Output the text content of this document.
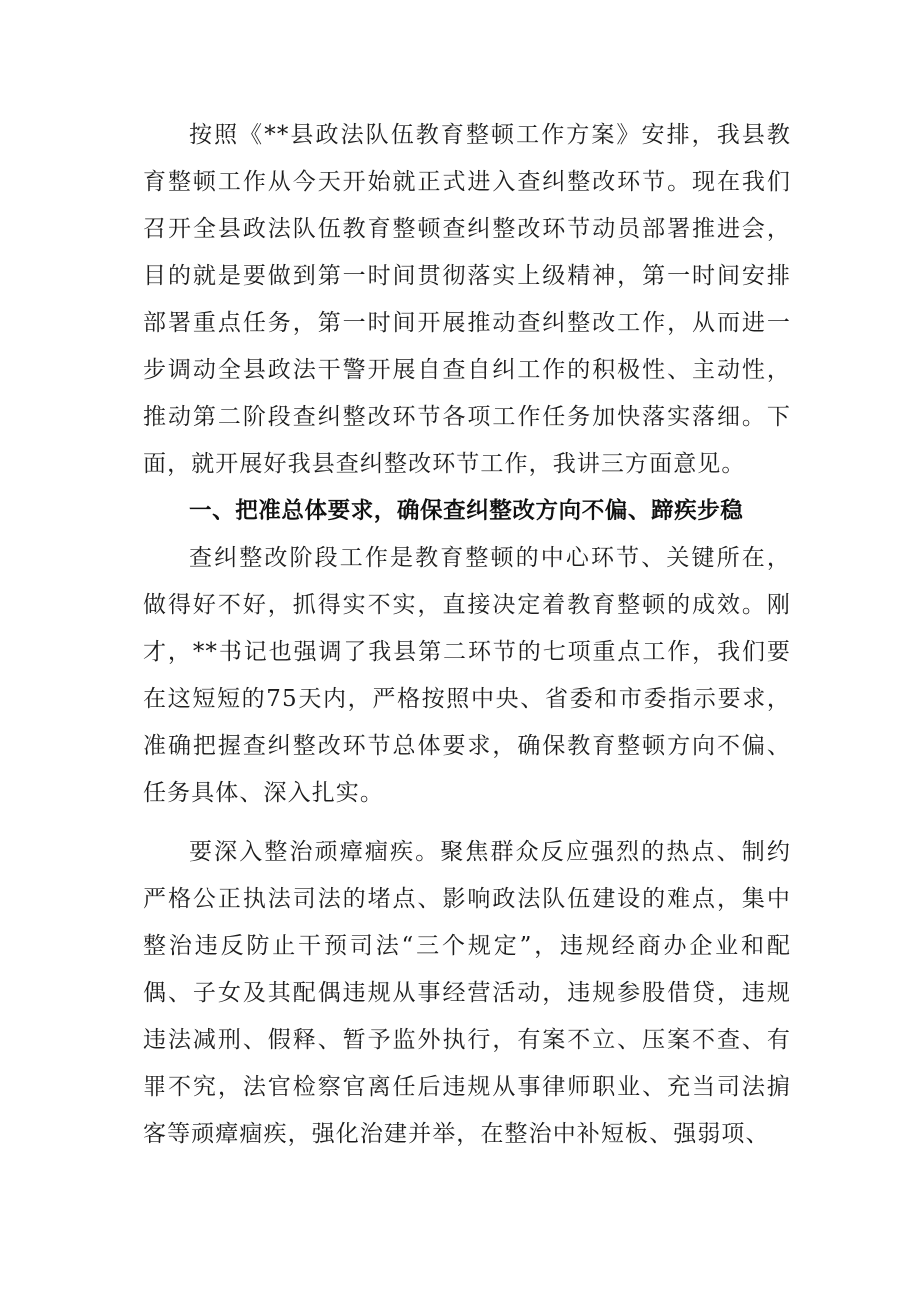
按照《**县政法队伍教育整顿工作方案》安排，我县教育整顿工作从今天开始就正式进入查纠整改环节。现在我们召开全县政法队伍教育整顿查纠整改环节动员部署推进会，目的就是要做到第一时间贯彻落实上级精神，第一时间安排部署重点任务，第一时间开展推动查纠整改工作，从而进一步调动全县政法干警开展自查自纠工作的积极性、主动性，推动第二阶段查纠整改环节各项工作任务加快落实落细。下面，就开展好我县查纠整改环节工作，我讲三方面意见。

一、把准总体要求，确保查纠整改方向不偏、蹄疾步稳

查纠整改阶段工作是教育整顿的中心环节、关键所在，做得好不好，抓得实不实，直接决定着教育整顿的成效。刚才，**书记也强调了我县第二环节的七项重点工作，我们要在这短短的75天内，严格按照中央、省委和市委指示要求，准确把握查纠整改环节总体要求，确保教育整顿方向不偏、任务具体、深入扎实。

要深入整治顽瘴痼疾。聚焦群众反应强烈的热点、制约严格公正执法司法的堵点、影响政法队伍建设的难点，集中整治违反防止干预司法“三个规定”，违规经商办企业和配偶、子女及其配偶违规从事经营活动，违规参股借贷，违规违法减刑、假释、暂予监外执行，有案不立、压案不查、有罪不究，法官检察官离任后违规从事律师职业、充当司法掮客等顽瘴痼疾，强化治建并举，在整治中补短板、强弱项、
